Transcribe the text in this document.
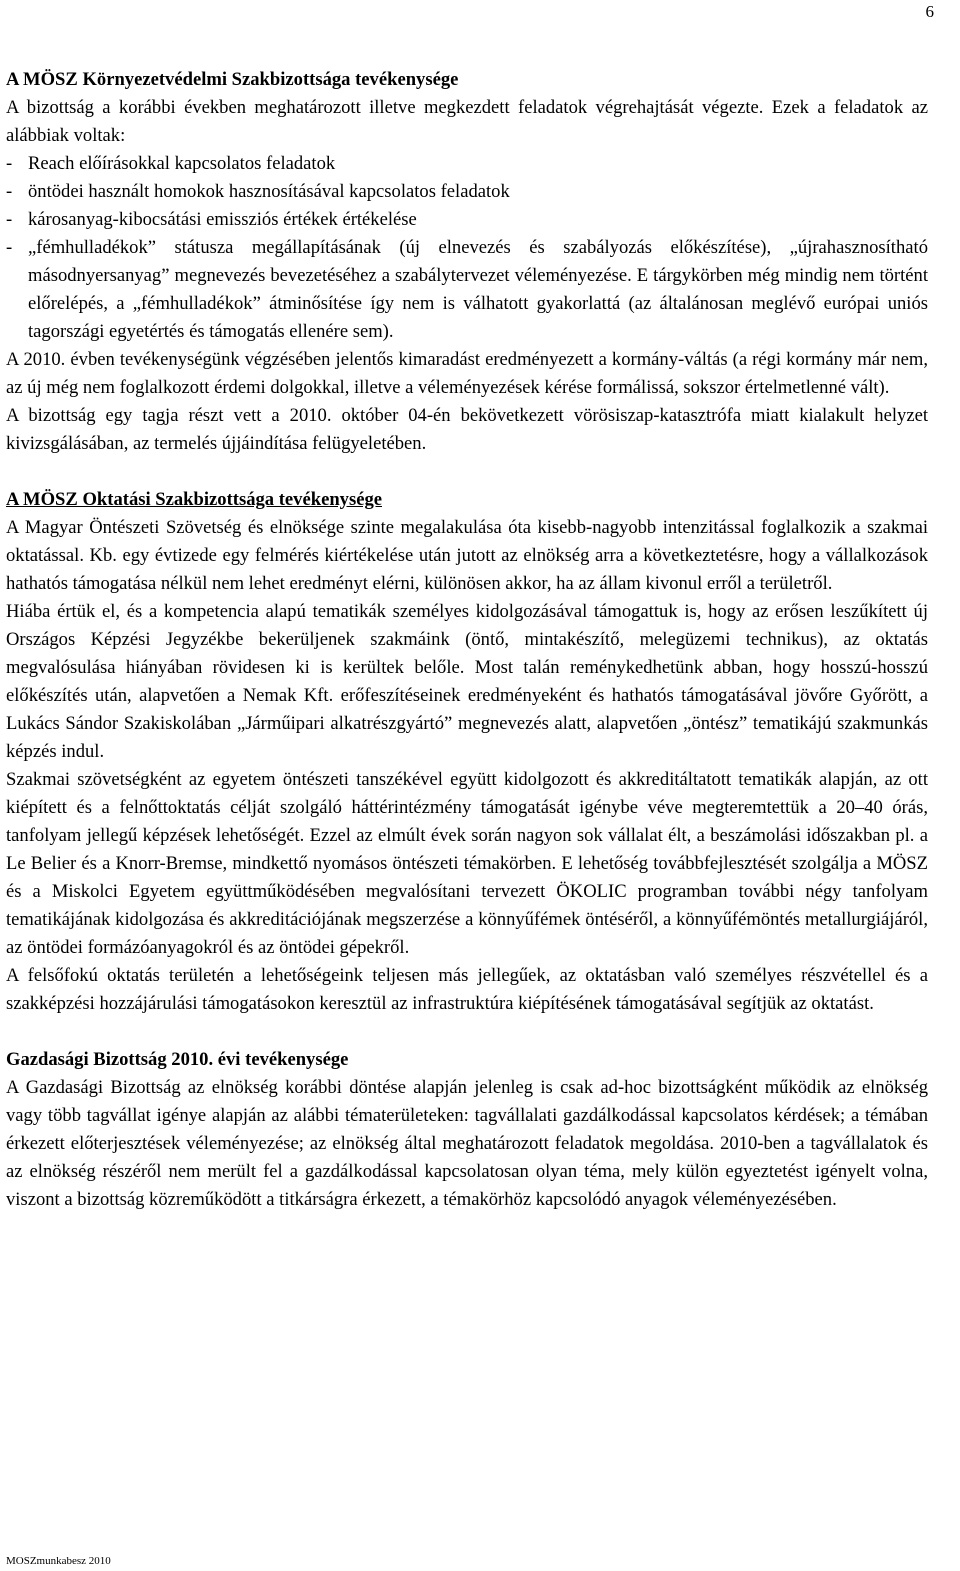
6
A MÖSZ Környezetvédelmi Szakbizottsága tevékenysége

A bizottság a korábbi években meghatározott illetve megkezdett feladatok végrehajtását végezte. Ezek a feladatok az alábbiak voltak:

- Reach előírásokkal kapcsolatos feladatok
- öntödei használt homokok hasznosításával kapcsolatos feladatok
- károsanyag-kibocsátási emissziós értékek értékelése
- „fémhulladékok” státusza megállapításának (új elnevezés és szabályozás előkészítése), „újrahasznosítható másodnyersanyag” megnevezés bevezetéséhez a szabálytervezet véleményezése. E tárgykörben még mindig nem történt előrelépés, a „fémhulladékok” átminősítése így nem is válhatott gyakorlattá (az általánosan meglévő európai uniós tagországi egyetértés és támogatás ellenére sem).

A 2010. évben tevékenységünk végzésében jelentős kimaradást eredményezett a kormány-váltás (a régi kormány már nem, az új még nem foglalkozott érdemi dolgokkal, illetve a véleményezések kérése formálissá, sokszor értelmetlenné vált).

A bizottság egy tagja részt vett a 2010. október 04-én bekövetkezett vörösiszap-katasztrófa miatt kialakult helyzet kivizsgálásában, az termelés újjáindítása felügyeletében.

A MÖSZ Oktatási Szakbizottsága tevékenysége

A Magyar Öntészeti Szövetség és elnöksége szinte megalakulása óta kisebb-nagyobb intenzitással foglalkozik a szakmai oktatással. Kb. egy évtizede egy felmérés kiértékelése után jutott az elnökség arra a következtetésre, hogy a vállalkozások hathatós támogatása nélkül nem lehet eredményt elérni, különösen akkor, ha az állam kivonul erről a területről.

Hiába értük el, és a kompetencia alapú tematikák személyes kidolgozásával támogattuk is, hogy az erősen leszűkített új Országos Képzési Jegyzékbe bekerüljenek szakmáink (öntő, mintakészítő, melegüzemi technikus), az oktatás megvalósulása hiányában rövidesen ki is kerültek belőle. Most talán reménykedhetünk abban, hogy hosszú-hosszú előkészítés után, alapvetően a Nemak Kft. erőfeszítéseinek eredményeként és hathatós támogatásával jövőre Győrött, a Lukács Sándor Szakiskolában „Járműipari alkatrészgyártó” megnevezés alatt, alapvetően „öntész” tematikájú szakmunkás képzés indul.

Szakmai szövetségként az egyetem öntészeti tanszékével együtt kidolgozott és akkreditáltatott tematikák alapján, az ott kiépített és a felnőttoktatás célját szolgáló háttérintézmény támogatását igénybe véve megteremtettük a 20–40 órás, tanfolyam jellegű képzések lehetőségét. Ezzel az elmúlt évek során nagyon sok vállalat élt, a beszámolási időszakban pl. a Le Belier és a Knorr-Bremse, mindkettő nyomásos öntészeti témakörben. E lehetőség továbbfejlesztését szolgálja a MÖSZ és a Miskolci Egyetem együttműködésében megvalósítani tervezett ÖKOLIC programban további négy tanfolyam tematikájának kidolgozása és akkreditációjának megszerzése a könnyűfémek öntéséről, a könnyűfémöntés metallurgiájáról, az öntödei formázóanyagokról és az öntödei gépekről.

A felsőfokú oktatás területén a lehetőségeink teljesen más jellegűek, az oktatásban való személyes részvétellel és a szakképzési hozzájárulási támogatásokon keresztül az infrastruktúra kiépítésének támogatásával segítjük az oktatást.

Gazdasági Bizottság 2010. évi tevékenysége

A Gazdasági Bizottság az elnökség korábbi döntése alapján jelenleg is csak ad-hoc bizottságként működik az elnökség vagy több tagvállat igénye alapján az alábbi tématerületeken: tagvállalati gazdálkodással kapcsolatos kérdések; a témában érkezett előterjesztések véleményezése; az elnökség által meghatározott feladatok megoldása. 2010-ben a tagvállalatok és az elnökség részéről nem merült fel a gazdálkodással kapcsolatosan olyan téma, mely külön egyeztetést igényelt volna, viszont a bizottság közreműködött a titkárságra érkezett, a témakörhöz kapcsolódó anyagok véleményezésében.

MOSZmunkabesz 2010
